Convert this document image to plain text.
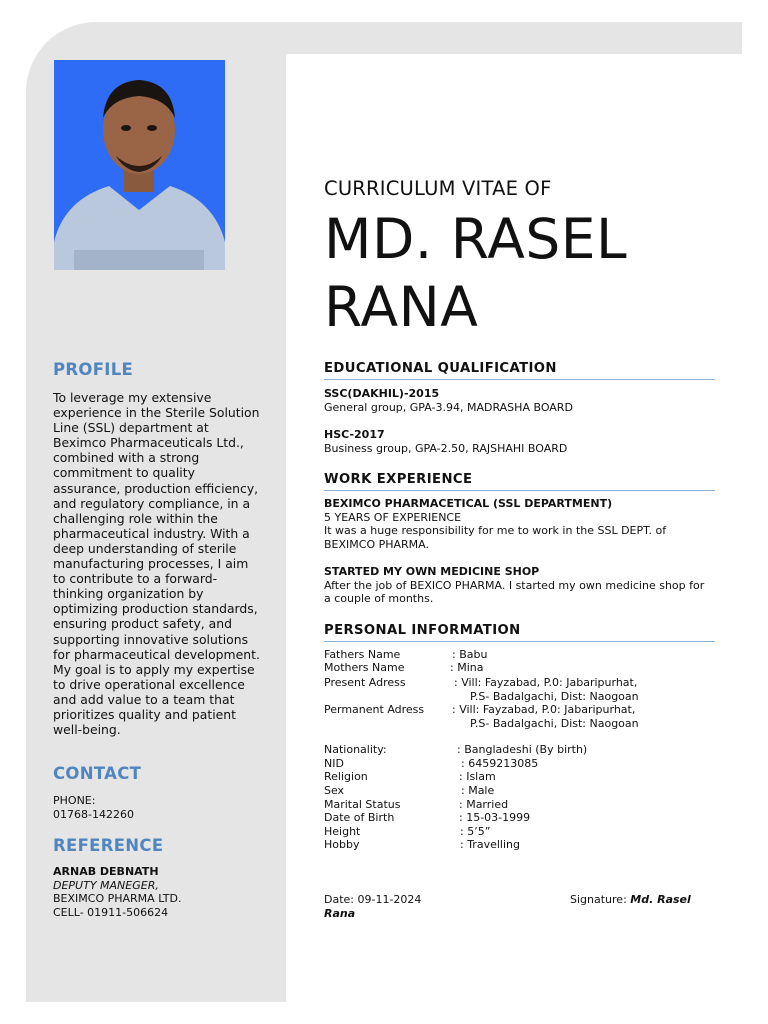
PROFILE
To leverage my extensive
experience in the Sterile Solution
Line (SSL) department at
Beximco Pharmaceuticals Ltd.,
combined with a strong
commitment to quality
assurance, production efficiency,
and regulatory compliance, in a
challenging role within the
pharmaceutical industry. With a
deep understanding of sterile
manufacturing processes, I aim
to contribute to a forward-
thinking organization by
optimizing production standards,
ensuring product safety, and
supporting innovative solutions
for pharmaceutical development.
My goal is to apply my expertise
to drive operational excellence
and add value to a team that
prioritizes quality and patient
well-being.
CONTACT
PHONE:
01768-142260
REFERENCE
ARNAB DEBNATH
DEPUTY MANEGER,
BEXIMCO PHARMA LTD.
CELL- 01911-506624
CURRICULUM VITAE OF
MD. RASEL
RANA
EDUCATIONAL QUALIFICATION
SSC(DAKHIL)-2015
General group, GPA-3.94, MADRASHA BOARD
HSC-2017
Business group, GPA-2.50, RAJSHAHI BOARD
WORK EXPERIENCE
BEXIMCO PHARMACETICAL (SSL DEPARTMENT)
5 YEARS OF EXPERIENCE
It was a huge responsibility for me to work in the SSL DEPT. of
BEXIMCO PHARMA.
STARTED MY OWN MEDICINE SHOP
After the job of BEXICO PHARMA. I started my own medicine shop for
a couple of months.
PERSONAL INFORMATION
Fathers Name	: Babu
Mothers Name	: Mina
Present Adress	: Vill: Fayzabad, P.0: Jabaripurhat,
P.S- Badalgachi, Dist: Naogoan
Permanent Adress	: Vill: Fayzabad, P.0: Jabaripurhat,
P.S- Badalgachi, Dist: Naogoan
Nationality:	: Bangladeshi (By birth)
NID	: 6459213085
Religion	: Islam
Sex	: Male
Marital Status	: Married
Date of Birth	: 15-03-1999
Height	: 5’5”
Hobby	: Travelling
Date: 09-11-2024
Rana
Signature: Md. Rasel
